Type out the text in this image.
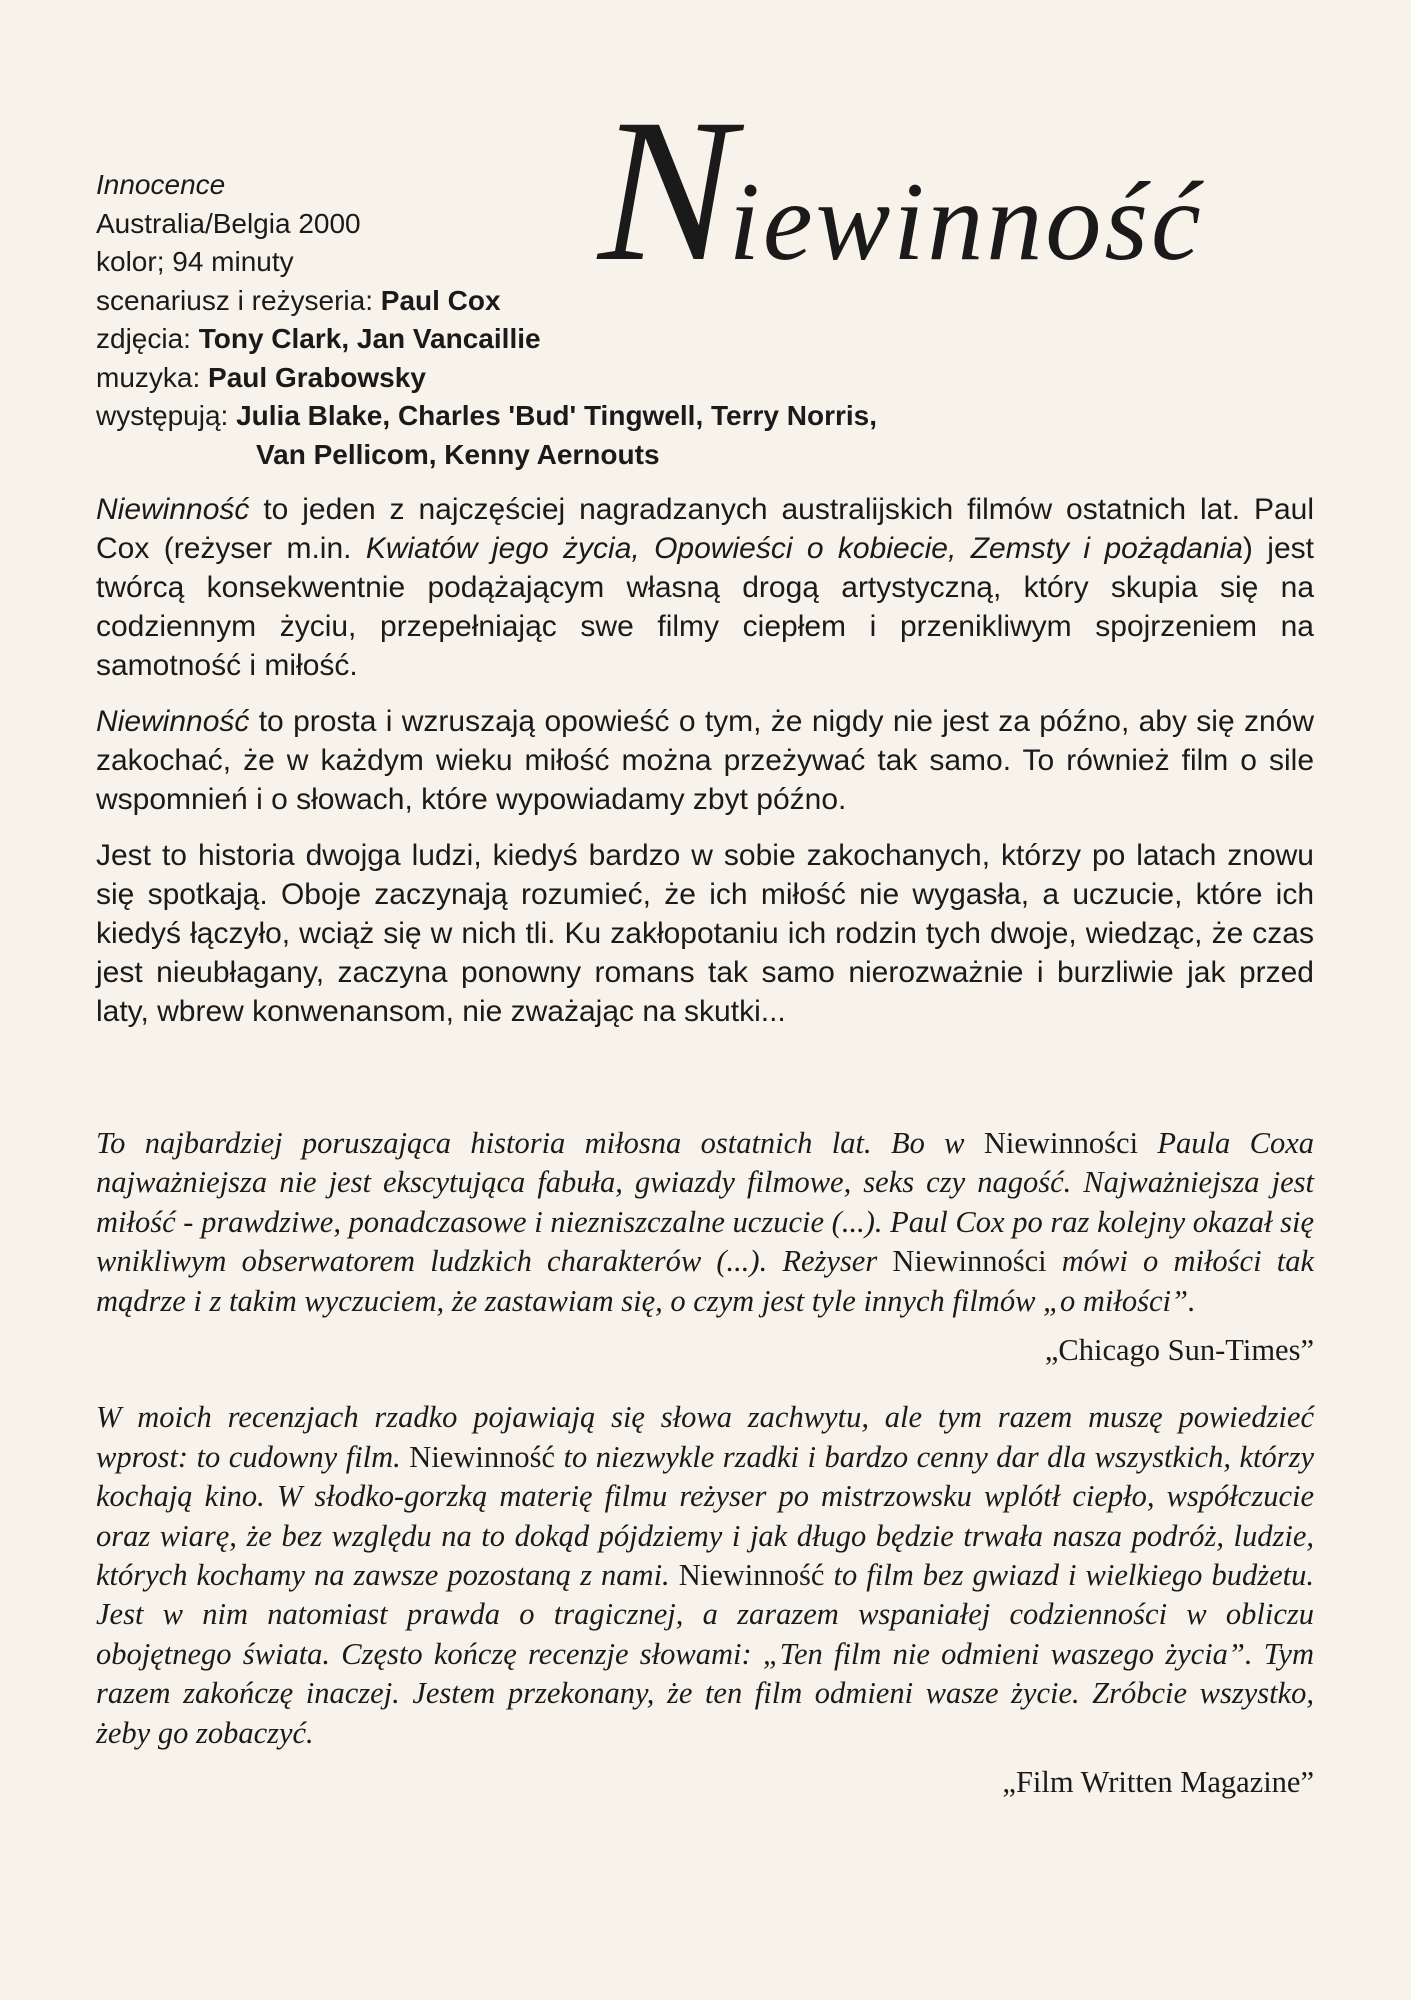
Niewinność
Innocence
Australia/Belgia 2000
kolor; 94 minuty
scenariusz i reżyseria: Paul Cox
zdjęcia: Tony Clark, Jan Vancaillie
muzyka: Paul Grabowsky
występują: Julia Blake, Charles 'Bud' Tingwell, Terry Norris,
Van Pellicom, Kenny Aernouts

Niewinność to jeden z najczęściej nagradzanych australijskich filmów ostatnich lat. Paul Cox (reżyser m.in. Kwiatów jego życia, Opowieści o kobiecie, Zemsty i pożądania) jest twórcą konsekwentnie podążającym własną drogą artystyczną, który skupia się na codziennym życiu, przepełniając swe filmy ciepłem i przenikliwym spojrzeniem na samotność i miłość.

Niewinność to prosta i wzruszają opowieść o tym, że nigdy nie jest za późno, aby się znów zakochać, że w każdym wieku miłość można przeżywać tak samo. To również film o sile wspomnień i o słowach, które wypowiadamy zbyt późno.

Jest to historia dwojga ludzi, kiedyś bardzo w sobie zakochanych, którzy po latach znowu się spotkają. Oboje zaczynają rozumieć, że ich miłość nie wygasła, a uczucie, które ich kiedyś łączyło, wciąż się w nich tli. Ku zakłopotaniu ich rodzin tych dwoje, wiedząc, że czas jest nieubłagany, zaczyna ponowny romans tak samo nierozważnie i burzliwie jak przed laty, wbrew konwenansom, nie zważając na skutki...

To najbardziej poruszająca historia miłosna ostatnich lat. Bo w Niewinności Paula Coxa najważniejsza nie jest ekscytująca fabuła, gwiazdy filmowe, seks czy nagość. Najważniejsza jest miłość - prawdziwe, ponadczasowe i niezniszczalne uczucie (...). Paul Cox po raz kolejny okazał się wnikliwym obserwatorem ludzkich charakterów (...). Reżyser Niewinności mówi o miłości tak mądrze i z takim wyczuciem, że zastawiam się, o czym jest tyle innych filmów „o miłości”.

„Chicago Sun-Times”

W moich recenzjach rzadko pojawiają się słowa zachwytu, ale tym razem muszę powiedzieć wprost: to cudowny film. Niewinność to niezwykle rzadki i bardzo cenny dar dla wszystkich, którzy kochają kino. W słodko-gorzką materię filmu reżyser po mistrzowsku wplótł ciepło, współczucie oraz wiarę, że bez względu na to dokąd pójdziemy i jak długo będzie trwała nasza podróż, ludzie, których kochamy na zawsze pozostaną z nami. Niewinność to film bez gwiazd i wielkiego budżetu. Jest w nim natomiast prawda o tragicznej, a zarazem wspaniałej codzienności w obliczu obojętnego świata. Często kończę recenzje słowami: „Ten film nie odmieni waszego życia”. Tym razem zakończę inaczej. Jestem przekonany, że ten film odmieni wasze życie. Zróbcie wszystko, żeby go zobaczyć.

„Film Written Magazine”
